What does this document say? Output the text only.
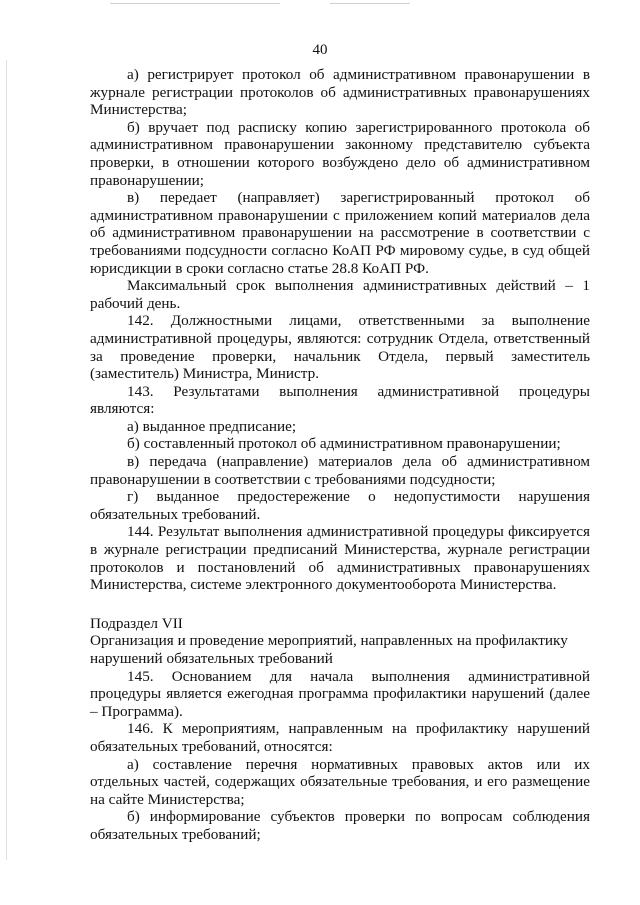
40

а) регистрирует протокол об административном правонарушении в журнале регистрации протоколов об административных правонарушениях Министерства;

б) вручает под расписку копию зарегистрированного протокола об административном правонарушении законному представителю субъекта проверки, в отношении которого возбуждено дело об административном правонарушении;

в) передает (направляет) зарегистрированный протокол об административном правонарушении с приложением копий материалов дела об административном правонарушении на рассмотрение в соответствии с требованиями подсудности согласно КоАП РФ мировому судье, в суд общей юрисдикции в сроки согласно статье 28.8 КоАП РФ.

Максимальный срок выполнения административных действий – 1 рабочий день.

142. Должностными лицами, ответственными за выполнение административной процедуры, являются: сотрудник Отдела, ответственный за проведение проверки, начальник Отдела, первый заместитель (заместитель) Министра, Министр.

143. Результатами выполнения административной процедуры являются:

а) выданное предписание;

б) составленный протокол об административном правонарушении;

в) передача (направление) материалов дела об административном правонарушении в соответствии с требованиями подсудности;

г) выданное предостережение о недопустимости нарушения обязательных требований.

144. Результат выполнения административной процедуры фиксируется в журнале регистрации предписаний Министерства, журнале регистрации протоколов и постановлений об административных правонарушениях Министерства, системе электронного документооборота Министерства.

Подраздел VII
Организация и проведение мероприятий, направленных на профилактику
нарушений обязательных требований

145. Основанием для начала выполнения административной процедуры является ежегодная программа профилактики нарушений (далее – Программа).

146. К мероприятиям, направленным на профилактику нарушений обязательных требований, относятся:

а) составление перечня нормативных правовых актов или их отдельных частей, содержащих обязательные требования, и его размещение на сайте Министерства;

б) информирование субъектов проверки по вопросам соблюдения обязательных требований;
